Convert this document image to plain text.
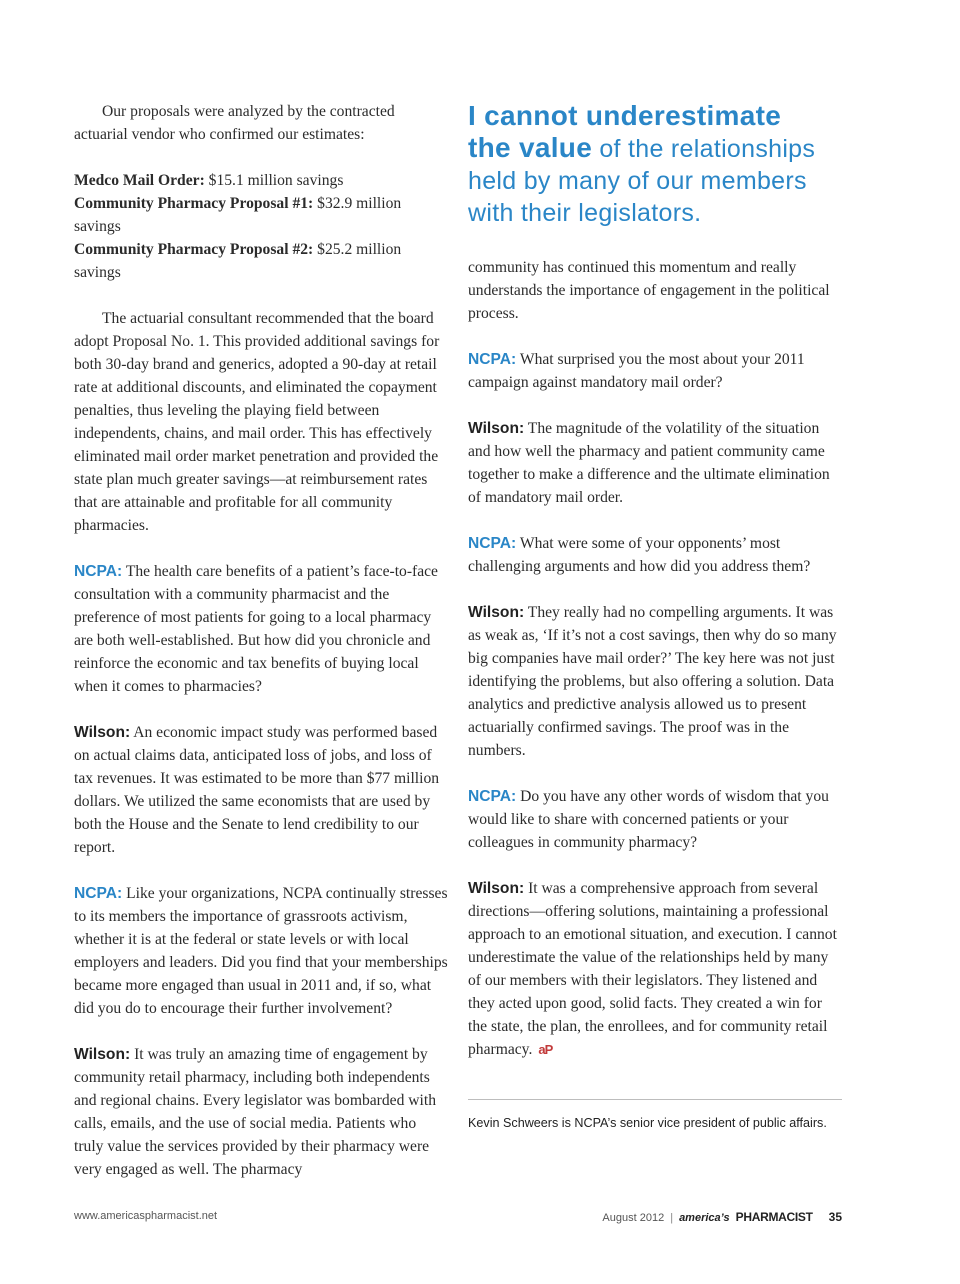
Our proposals were analyzed by the contracted actuarial vendor who confirmed our estimates:

Medco Mail Order: $15.1 million savings

Community Pharmacy Proposal #1: $32.9 million savings

Community Pharmacy Proposal #2: $25.2 million savings

The actuarial consultant recommended that the board adopt Proposal No. 1. This provided additional savings for both 30-day brand and generics, adopted a 90-day at retail rate at additional discounts, and eliminated the copayment penalties, thus leveling the playing field between independents, chains, and mail order. This has effectively eliminated mail order market penetration and provided the state plan much greater savings—at reimbursement rates that are attainable and profitable for all community pharmacies.

NCPA: The health care benefits of a patient’s face-to-face consultation with a community pharmacist and the preference of most patients for going to a local pharmacy are both well-established. But how did you chronicle and reinforce the economic and tax benefits of buying local when it comes to pharmacies?

Wilson: An economic impact study was performed based on actual claims data, anticipated loss of jobs, and loss of tax revenues. It was estimated to be more than $77 million dollars. We utilized the same economists that are used by both the House and the Senate to lend credibility to our report.

NCPA: Like your organizations, NCPA continually stresses to its members the importance of grassroots activism, whether it is at the federal or state levels or with local employers and leaders. Did you find that your memberships became more engaged than usual in 2011 and, if so, what did you do to encourage their further involvement?

Wilson: It was truly an amazing time of engagement by community retail pharmacy, including both independents and regional chains. Every legislator was bombarded with calls, emails, and the use of social media. Patients who truly value the services provided by their pharmacy were very engaged as well. The pharmacy

I cannot underestimate
the value of the relationships
held by many of our members
with their legislators.

community has continued this momentum and really understands the importance of engagement in the political process.

NCPA: What surprised you the most about your 2011 campaign against mandatory mail order?

Wilson: The magnitude of the volatility of the situation and how well the pharmacy and patient community came together to make a difference and the ultimate elimination of mandatory mail order.

NCPA: What were some of your opponents’ most challenging arguments and how did you address them?

Wilson: They really had no compelling arguments. It was as weak as, ‘If it’s not a cost savings, then why do so many big companies have mail order?’ The key here was not just identifying the problems, but also offering a solution. Data analytics and predictive analysis allowed us to present actuarially confirmed savings. The proof was in the numbers.

NCPA: Do you have any other words of wisdom that you would like to share with concerned patients or your colleagues in community pharmacy?

Wilson: It was a comprehensive approach from several directions—offering solutions, maintaining a professional approach to an emotional situation, and execution. I cannot underestimate the value of the relationships held by many of our members with their legislators. They listened and they acted upon good, solid facts. They created a win for the state, the plan, the enrollees, and for community retail pharmacy. aP

Kevin Schweers is NCPA’s senior vice president of public affairs.

www.americaspharmacist.net	August 2012 | america’s PHARMACIST 35
